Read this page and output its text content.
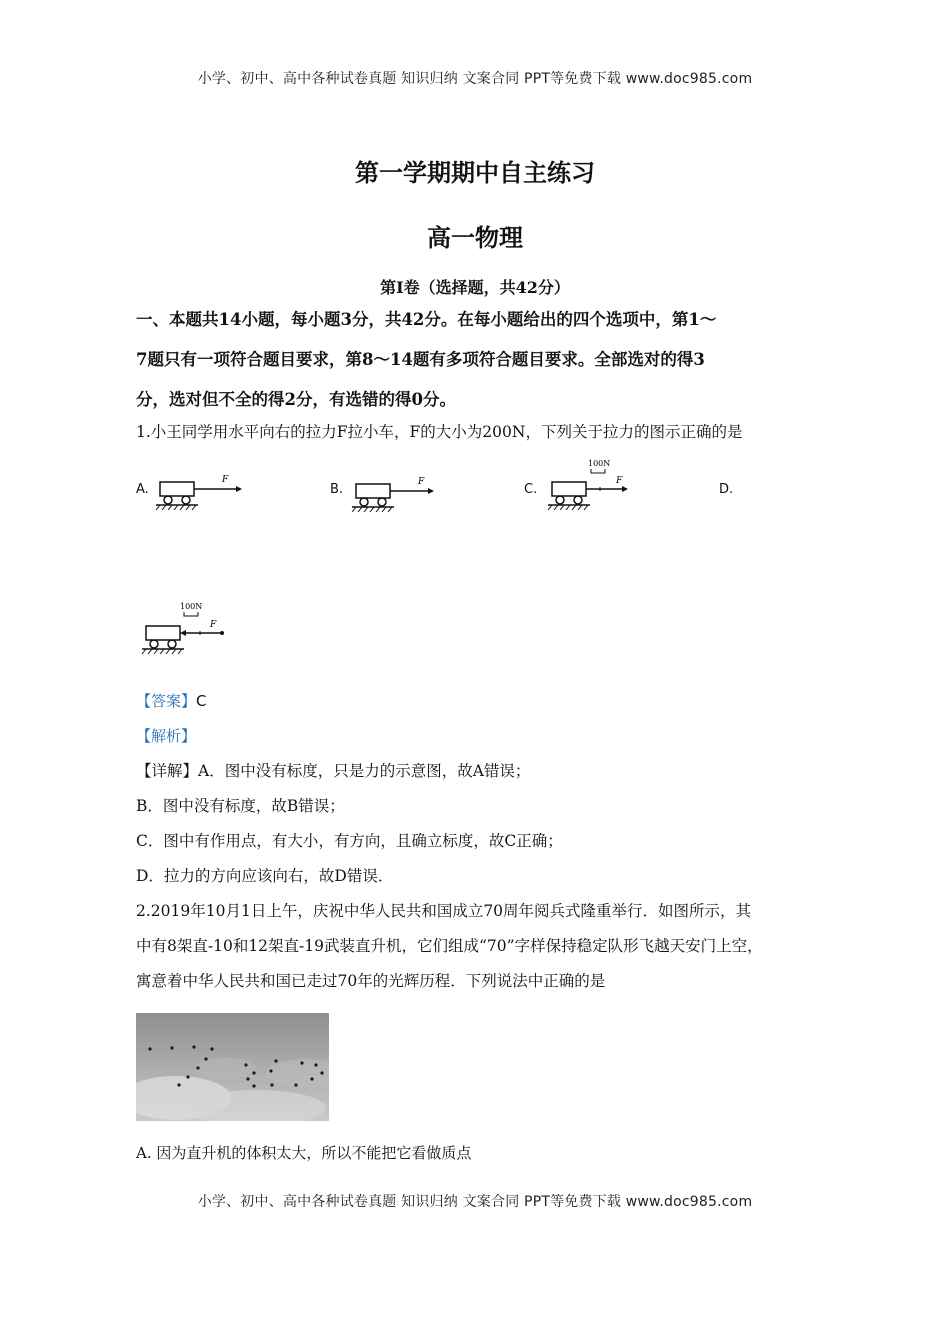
小学、初中、高中各种试卷真题 知识归纳 文案合同 PPT等免费下载 www.doc985.com
第一学期期中自主练习
高一物理
第Ⅰ卷（选择题，共42分）
一、本题共14小题，每小题3分，共42分。在每小题给出的四个选项中，第1～
7题只有一项符合题目要求，第8～14题有多项符合题目要求。全部选对的得3
分，选对但不全的得2分，有选错的得0分。
1.小王同学用水平向右的拉力F拉小车，F的大小为200N，下列关于拉力的图示正确的是
A.
F
B.	F	C.
100N
F
D.
100N
F
【答案】C
【解析】
【详解】A．图中没有标度，只是力的示意图，故A错误；
B．图中没有标度，故B错误；
C．图中有作用点，有大小，有方向，且确立标度，故C正确；
D．拉力的方向应该向右，故D错误．
2.2019年10月1日上午，庆祝中华人民共和国成立70周年阅兵式隆重举行．如图所示，其
中有8架直-10和12架直-19武装直升机，它们组成“70”字样保持稳定队形飞越天安门上空，
寓意着中华人民共和国已走过70年的光辉历程．下列说法中正确的是
A. 因为直升机的体积太大，所以不能把它看做质点
小学、初中、高中各种试卷真题 知识归纳 文案合同 PPT等免费下载 www.doc985.com
